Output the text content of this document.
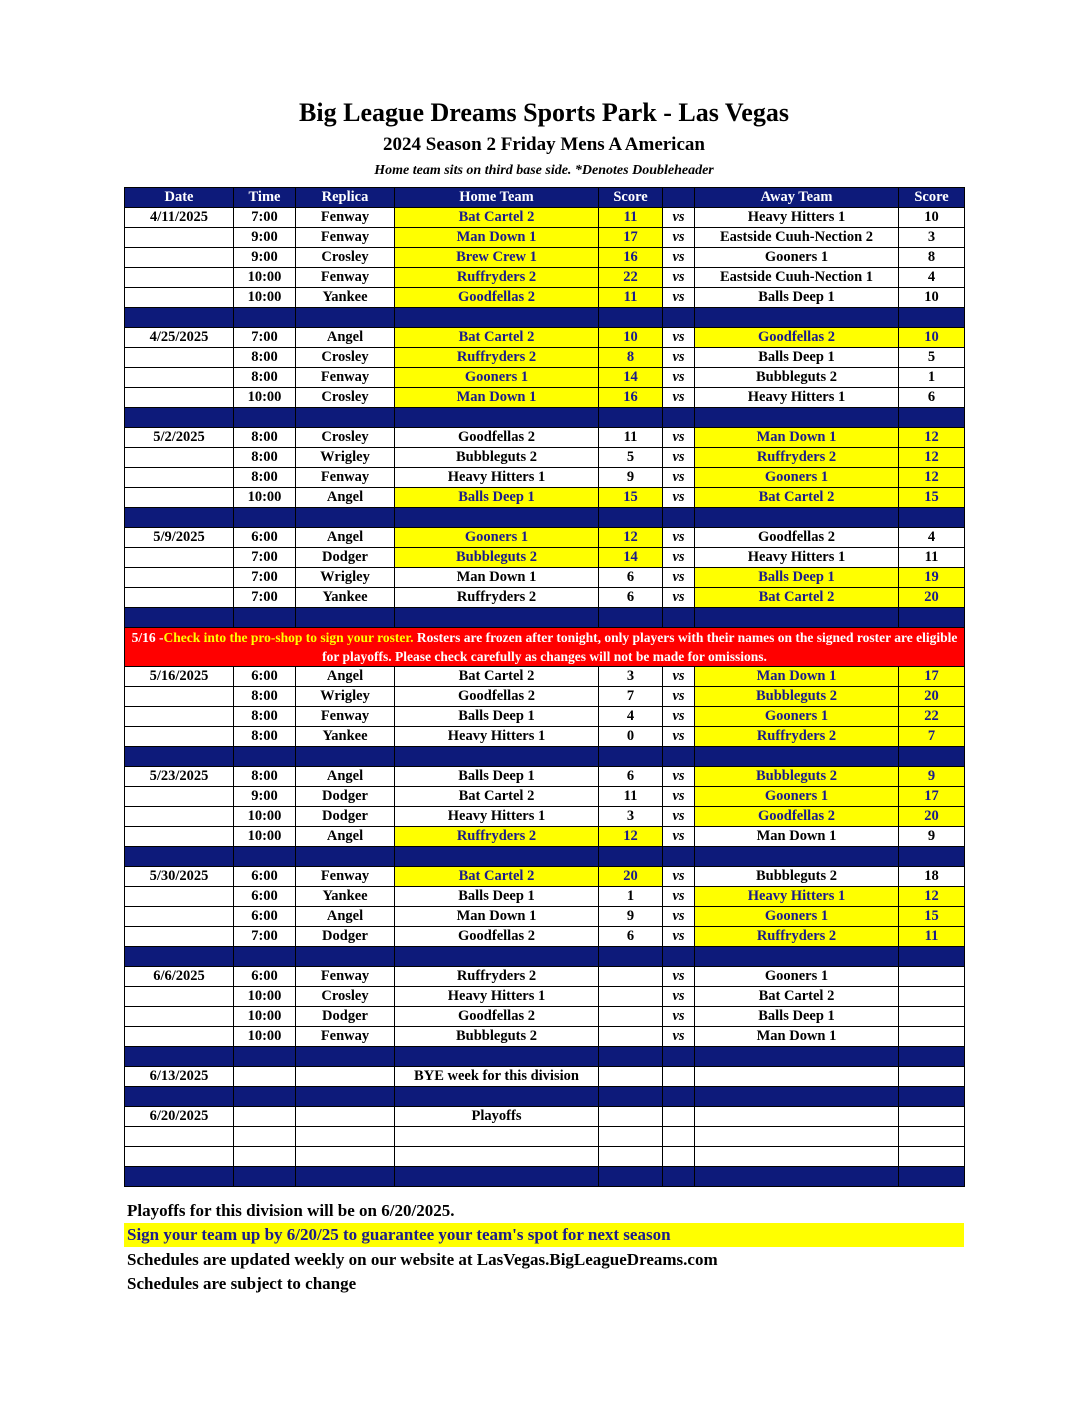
Big League Dreams Sports Park - Las Vegas
2024 Season 2 Friday Mens A American
Home team sits on third base side. *Denotes Doubleheader
Date	Time	Replica	Home Team	Score		Away Team	Score
4/11/2025	7:00	Fenway	Bat Cartel 2	11	vs	Heavy Hitters 1	10
	9:00	Fenway	Man Down 1	17	vs	Eastside Cuuh-Nection 2	3
	9:00	Crosley	Brew Crew 1	16	vs	Gooners 1	8
	10:00	Fenway	Ruffryders 2	22	vs	Eastside Cuuh-Nection 1	4
	10:00	Yankee	Goodfellas 2	11	vs	Balls Deep 1	10

4/25/2025	7:00	Angel	Bat Cartel 2	10	vs	Goodfellas 2	10
	8:00	Crosley	Ruffryders 2	8	vs	Balls Deep 1	5
	8:00	Fenway	Gooners 1	14	vs	Bubbleguts 2	1
	10:00	Crosley	Man Down 1	16	vs	Heavy Hitters 1	6

5/2/2025	8:00	Crosley	Goodfellas 2	11	vs	Man Down 1	12
	8:00	Wrigley	Bubbleguts 2	5	vs	Ruffryders 2	12
	8:00	Fenway	Heavy Hitters 1	9	vs	Gooners 1	12
	10:00	Angel	Balls Deep 1	15	vs	Bat Cartel 2	15

5/9/2025	6:00	Angel	Gooners 1	12	vs	Goodfellas 2	4
	7:00	Dodger	Bubbleguts 2	14	vs	Heavy Hitters 1	11
	7:00	Wrigley	Man Down 1	6	vs	Balls Deep 1	19
	7:00	Yankee	Ruffryders 2	6	vs	Bat Cartel 2	20

5/16 -Check into the pro-shop to sign your roster. Rosters are frozen after tonight, only players with their names on the signed roster are eligible for playoffs. Please check carefully as changes will not be made for omissions.							
5/16/2025	6:00	Angel	Bat Cartel 2	3	vs	Man Down 1	17
	8:00	Wrigley	Goodfellas 2	7	vs	Bubbleguts 2	20
	8:00	Fenway	Balls Deep 1	4	vs	Gooners 1	22
	8:00	Yankee	Heavy Hitters 1	0	vs	Ruffryders 2	7

5/23/2025	8:00	Angel	Balls Deep 1	6	vs	Bubbleguts 2	9
	9:00	Dodger	Bat Cartel 2	11	vs	Gooners 1	17
	10:00	Dodger	Heavy Hitters 1	3	vs	Goodfellas 2	20
	10:00	Angel	Ruffryders 2	12	vs	Man Down 1	9

5/30/2025	6:00	Fenway	Bat Cartel 2	20	vs	Bubbleguts 2	18
	6:00	Yankee	Balls Deep 1	1	vs	Heavy Hitters 1	12
	6:00	Angel	Man Down 1	9	vs	Gooners 1	15
	7:00	Dodger	Goodfellas 2	6	vs	Ruffryders 2	11

6/6/2025	6:00	Fenway	Ruffryders 2		vs	Gooners 1	
	10:00	Crosley	Heavy Hitters 1		vs	Bat Cartel 2	
	10:00	Dodger	Goodfellas 2		vs	Balls Deep 1	
	10:00	Fenway	Bubbleguts 2		vs	Man Down 1	

6/13/2025			BYE week for this division				

6/20/2025			Playoffs				

Playoffs for this division will be on 6/20/2025.
Sign your team up by 6/20/25 to guarantee your team's spot for next season
Schedules are updated weekly on our website at LasVegas.BigLeagueDreams.com
Schedules are subject to change
